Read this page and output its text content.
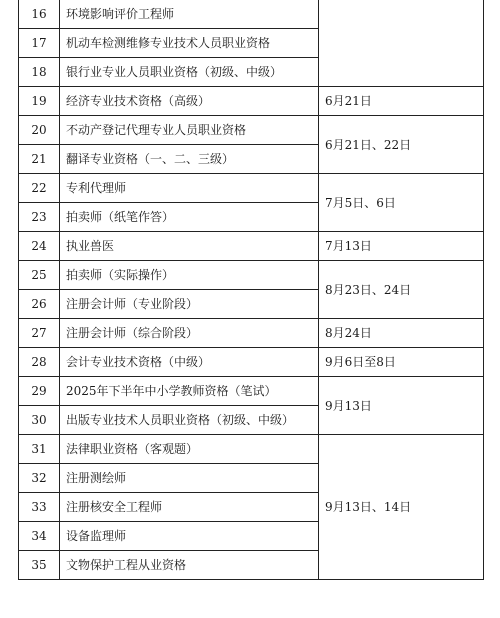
16	环境影响评价工程师	
17	机动车检测维修专业技术人员职业资格	
18	银行业专业人员职业资格（初级、中级）	
19	经济专业技术资格（高级）	6月21日
20	不动产登记代理专业人员职业资格	6月21日、22日
21	翻译专业资格（一、二、三级）	
22	专利代理师	7月5日、6日
23	拍卖师（纸笔作答）	
24	执业兽医	7月13日
25	拍卖师（实际操作）	8月23日、24日
26	注册会计师（专业阶段）	
27	注册会计师（综合阶段）	8月24日
28	会计专业技术资格（中级）	9月6日至8日
29	2025年下半年中小学教师资格（笔试）	9月13日
30	出版专业技术人员职业资格（初级、中级）	
31	法律职业资格（客观题）	9月13日、14日
32	注册测绘师	
33	注册核安全工程师	
34	设备监理师	
35	文物保护工程从业资格	
